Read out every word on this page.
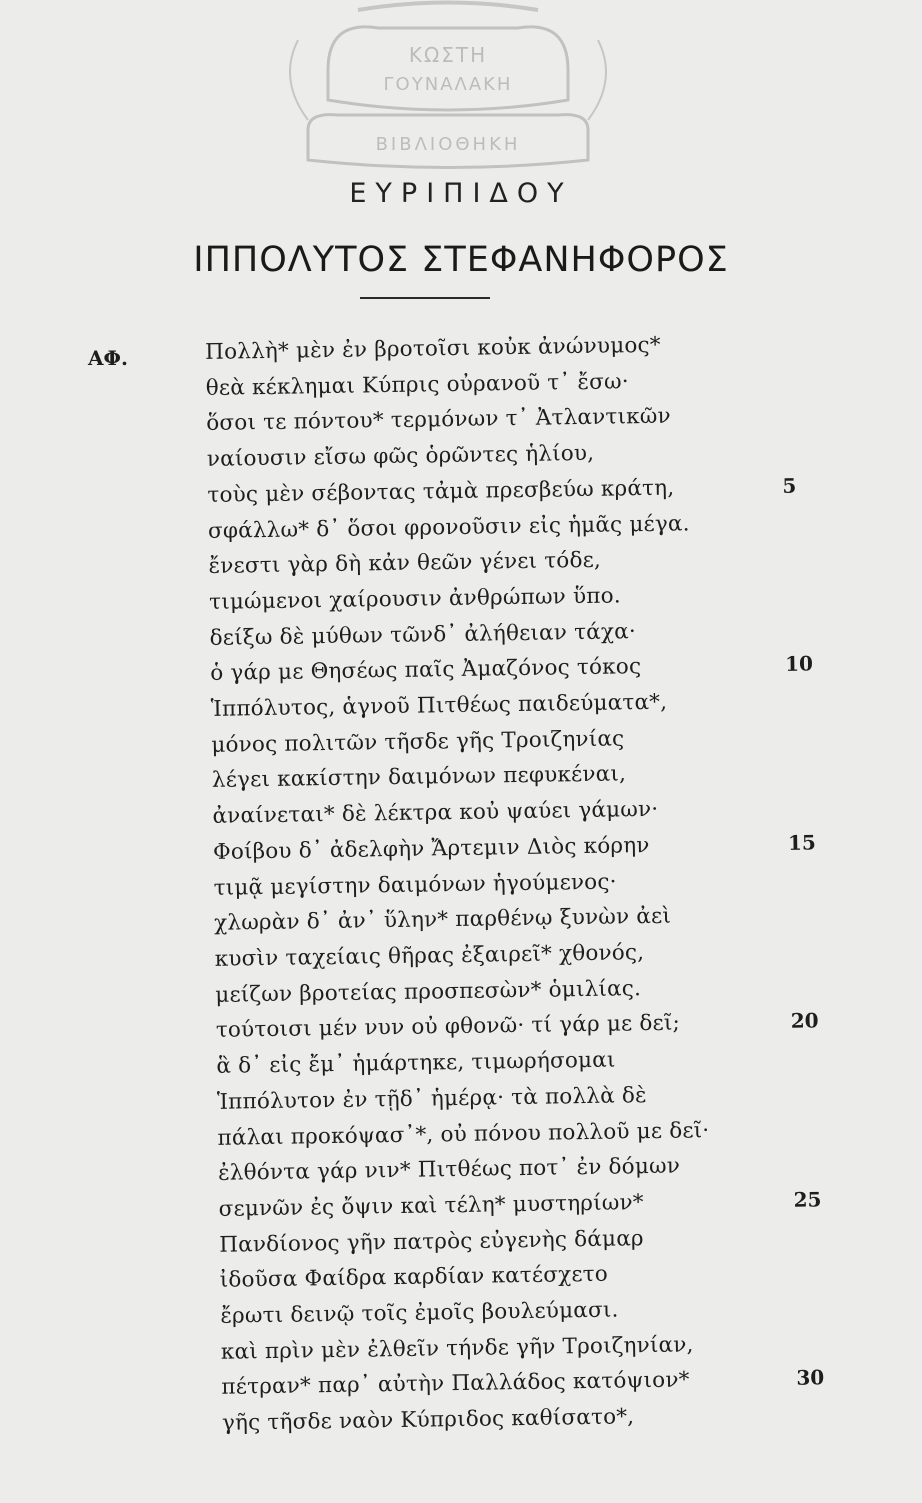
ΚΩΣΤΗ
ΓΟΥΝΑΛΑΚΗ
ΒΙΒΛΙΟΘΗΚΗ
ΕΥΡΙΠΙΔΟΥ
ΙΠΠΟΛΥΤΟΣ ΣΤΕΦΑΝΗΦΟΡΟΣ
ΑΦ.	Πολλὴ* μὲν ἐν βροτοῖσι κοὐκ ἀνώνυμος*
θεὰ κέκλημαι Κύπρις οὐρανοῦ τ᾽ ἔσω·
ὅσοι τε πόντου* τερμόνων τ᾽ Ἀτλαντικῶν
ναίουσιν εἴσω φῶς ὁρῶντες ἡλίου,
τοὺς μὲν σέβοντας τἀμὰ πρεσβεύω κράτη,
σφάλλω* δ᾽ ὅσοι φρονοῦσιν εἰς ἡμᾶς μέγα.
ἔνεστι γὰρ δὴ κἀν θεῶν γένει τόδε,
τιμώμενοι χαίρουσιν ἀνθρώπων ὕπο.
δείξω δὲ μύθων τῶνδ᾽ ἀλήθειαν τάχα·
ὁ γάρ με Θησέως παῖς Ἀμαζόνος τόκος
Ἱππόλυτος, ἁγνοῦ Πιτθέως παιδεύματα*,
μόνος πολιτῶν τῆσδε γῆς Τροιζηνίας
λέγει κακίστην δαιμόνων πεφυκέναι,
ἀναίνεται* δὲ λέκτρα κοὐ ψαύει γάμων·
Φοίβου δ᾽ ἀδελφὴν Ἄρτεμιν Διὸς κόρην
τιμᾷ μεγίστην δαιμόνων ἡγούμενος·
χλωρὰν δ᾽ ἀν᾽ ὕλην* παρθένῳ ξυνὼν ἀεὶ
κυσὶν ταχείαις θῆρας ἐξαιρεῖ* χθονός,
μείζων βροτείας προσπεσὼν* ὁμιλίας.
τούτοισι μέν νυν οὐ φθονῶ· τί γάρ με δεῖ;
ἃ δ᾽ εἰς ἔμ᾽ ἡμάρτηκε, τιμωρήσομαι
Ἱππόλυτον ἐν τῇδ᾽ ἡμέρᾳ· τὰ πολλὰ δὲ
πάλαι προκόψασ᾽*, οὐ πόνου πολλοῦ με δεῖ·
ἐλθόντα γάρ νιν* Πιτθέως ποτ᾽ ἐν δόμων
σεμνῶν ἐς ὄψιν καὶ τέλη* μυστηρίων*
Πανδίονος γῆν πατρὸς εὐγενὴς δάμαρ
ἰδοῦσα Φαίδρα καρδίαν κατέσχετο
ἔρωτι δεινῷ τοῖς ἐμοῖς βουλεύμασι.
καὶ πρὶν μὲν ἐλθεῖν τήνδε γῆν Τροιζηνίαν,
πέτραν* παρ᾽ αὐτὴν Παλλάδος κατόψιον*
γῆς τῆσδε ναὸν Κύπριδος καθίσατο*,
5
10
15
20
25
30
